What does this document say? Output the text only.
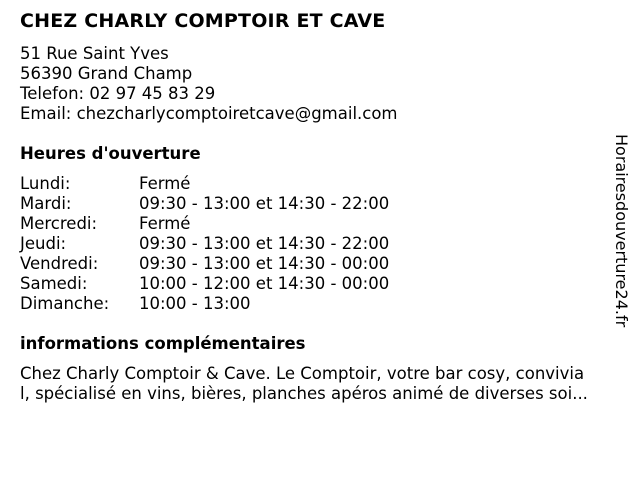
CHEZ CHARLY COMPTOIR ET CAVE
51 Rue Saint Yves
56390 Grand Champ
Telefon: 02 97 45 83 29
Email: chezcharlycomptoiretcave@gmail.com
Heures d'ouverture
Lundi:	Fermé
Mardi:	09:30 - 13:00 et 14:30 - 22:00
Mercredi:	Fermé
Jeudi:	09:30 - 13:00 et 14:30 - 22:00
Vendredi: 09:30 - 13:00 et 14:30 - 00:00
Samedi:	10:00 - 12:00 et 14:30 - 00:00
Dimanche: 10:00 - 13:00
informations complémentaires
Chez Charly Comptoir & Cave. Le Comptoir, votre bar cosy, convivia
l, spécialisé en vins, bières, planches apéros animé de diverses soi...
Horairesdouverture24.fr
